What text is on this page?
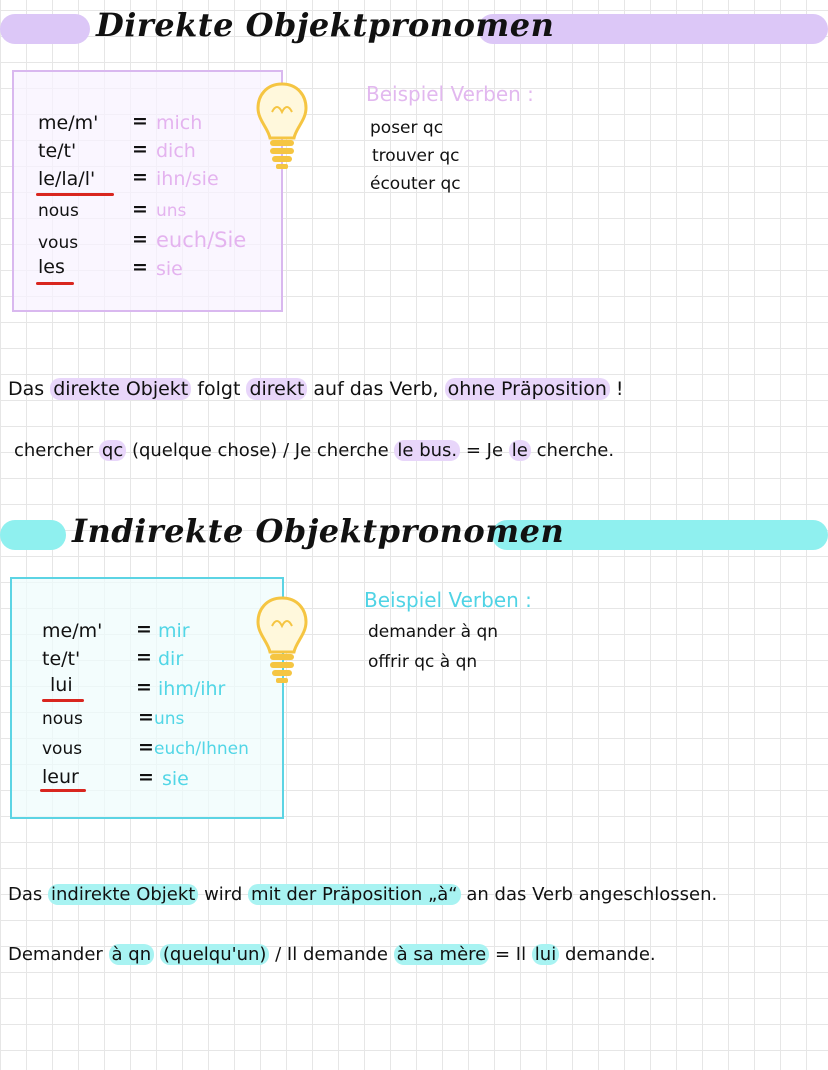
Direkte Objektpronomen
me/m' = mich
te/t'	= dich
le/la/l' = ihn/sie
nous	= uns
vous	= euch/Sie
les	= sie
Beispiel Verben :
poser qc
trouver qc
écouter qc
Das direkte Objekt folgt direkt auf das Verb, ohne Präposition !
chercher qc (quelque chose) / Je cherche le bus. = Je le cherche.
Indirekte Objektpronomen
me/m' = mir
te/t'	= dir
lui	= ihm/ihr
nous	= uns
vous	= euch/Ihnen
leur	= sie
Beispiel Verben :
demander à qn
offrir qc à qn
Das indirekte Objekt wird mit der Präposition „à“ an das Verb angeschlossen.
Demander à qn (quelqu'un) / Il demande à sa mère = Il lui demande.
